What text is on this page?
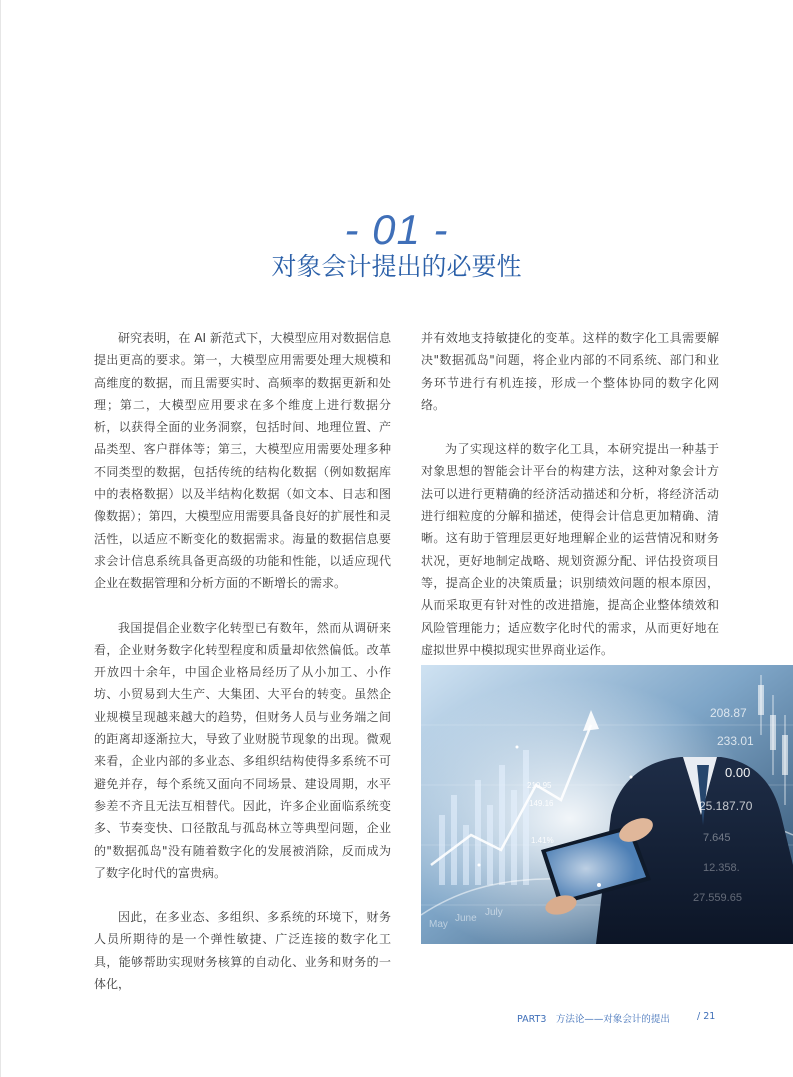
- 01 -
对象会计提出的必要性

研究表明，在 AI 新范式下，大模型应用对数据信息提出更高的要求。第一，大模型应用需要处理大规模和高维度的数据，而且需要实时、高频率的数据更新和处理；第二，大模型应用要求在多个维度上进行数据分析，以获得全面的业务洞察，包括时间、地理位置、产品类型、客户群体等；第三，大模型应用需要处理多种不同类型的数据，包括传统的结构化数据（例如数据库中的表格数据）以及半结构化数据（如文本、日志和图像数据）；第四，大模型应用需要具备良好的扩展性和灵活性，以适应不断变化的数据需求。海量的数据信息要求会计信息系统具备更高级的功能和性能，以适应现代企业在数据管理和分析方面的不断增长的需求。

我国提倡企业数字化转型已有数年，然而从调研来看，企业财务数字化转型程度和质量却依然偏低。改革开放四十余年，中国企业格局经历了从小加工、小作坊、小贸易到大生产、大集团、大平台的转变。虽然企业规模呈现越来越大的趋势，但财务人员与业务端之间的距离却逐渐拉大，导致了业财脱节现象的出现。微观来看，企业内部的多业态、多组织结构使得多系统不可避免并存，每个系统又面向不同场景、建设周期，水平参差不齐且无法互相替代。因此，许多企业面临系统变多、节奏变快、口径散乱与孤岛林立等典型问题，企业的"数据孤岛"没有随着数字化的发展被消除，反而成为了数字化时代的富贵病。

因此，在多业态、多组织、多系统的环境下，财务人员所期待的是一个弹性敏捷、广泛连接的数字化工具，能够帮助实现财务核算的自动化、业务和财务的一体化，

并有效地支持敏捷化的变革。这样的数字化工具需要解决"数据孤岛"问题，将企业内部的不同系统、部门和业务环节进行有机连接，形成一个整体协同的数字化网络。

为了实现这样的数字化工具，本研究提出一种基于对象思想的智能会计平台的构建方法，这种对象会计方法可以进行更精确的经济活动描述和分析，将经济活动进行细粒度的分解和描述，使得会计信息更加精确、清晰。这有助于管理层更好地理解企业的运营情况和财务状况，更好地制定战略、规划资源分配、评估投资项目等，提高企业的决策质量；识别绩效问题的根本原因，从而采取更有针对性的改进措施，提高企业整体绩效和风险管理能力；适应数字化时代的需求，从而更好地在虚拟世界中模拟现实世界商业运作。

208.87
233.01
0.00
25.187.70
7.645
12.358.
27.559.65
210.95
149.16
1.41%
May
June
July
PART3　方法论——对象会计的提出	/ 21
